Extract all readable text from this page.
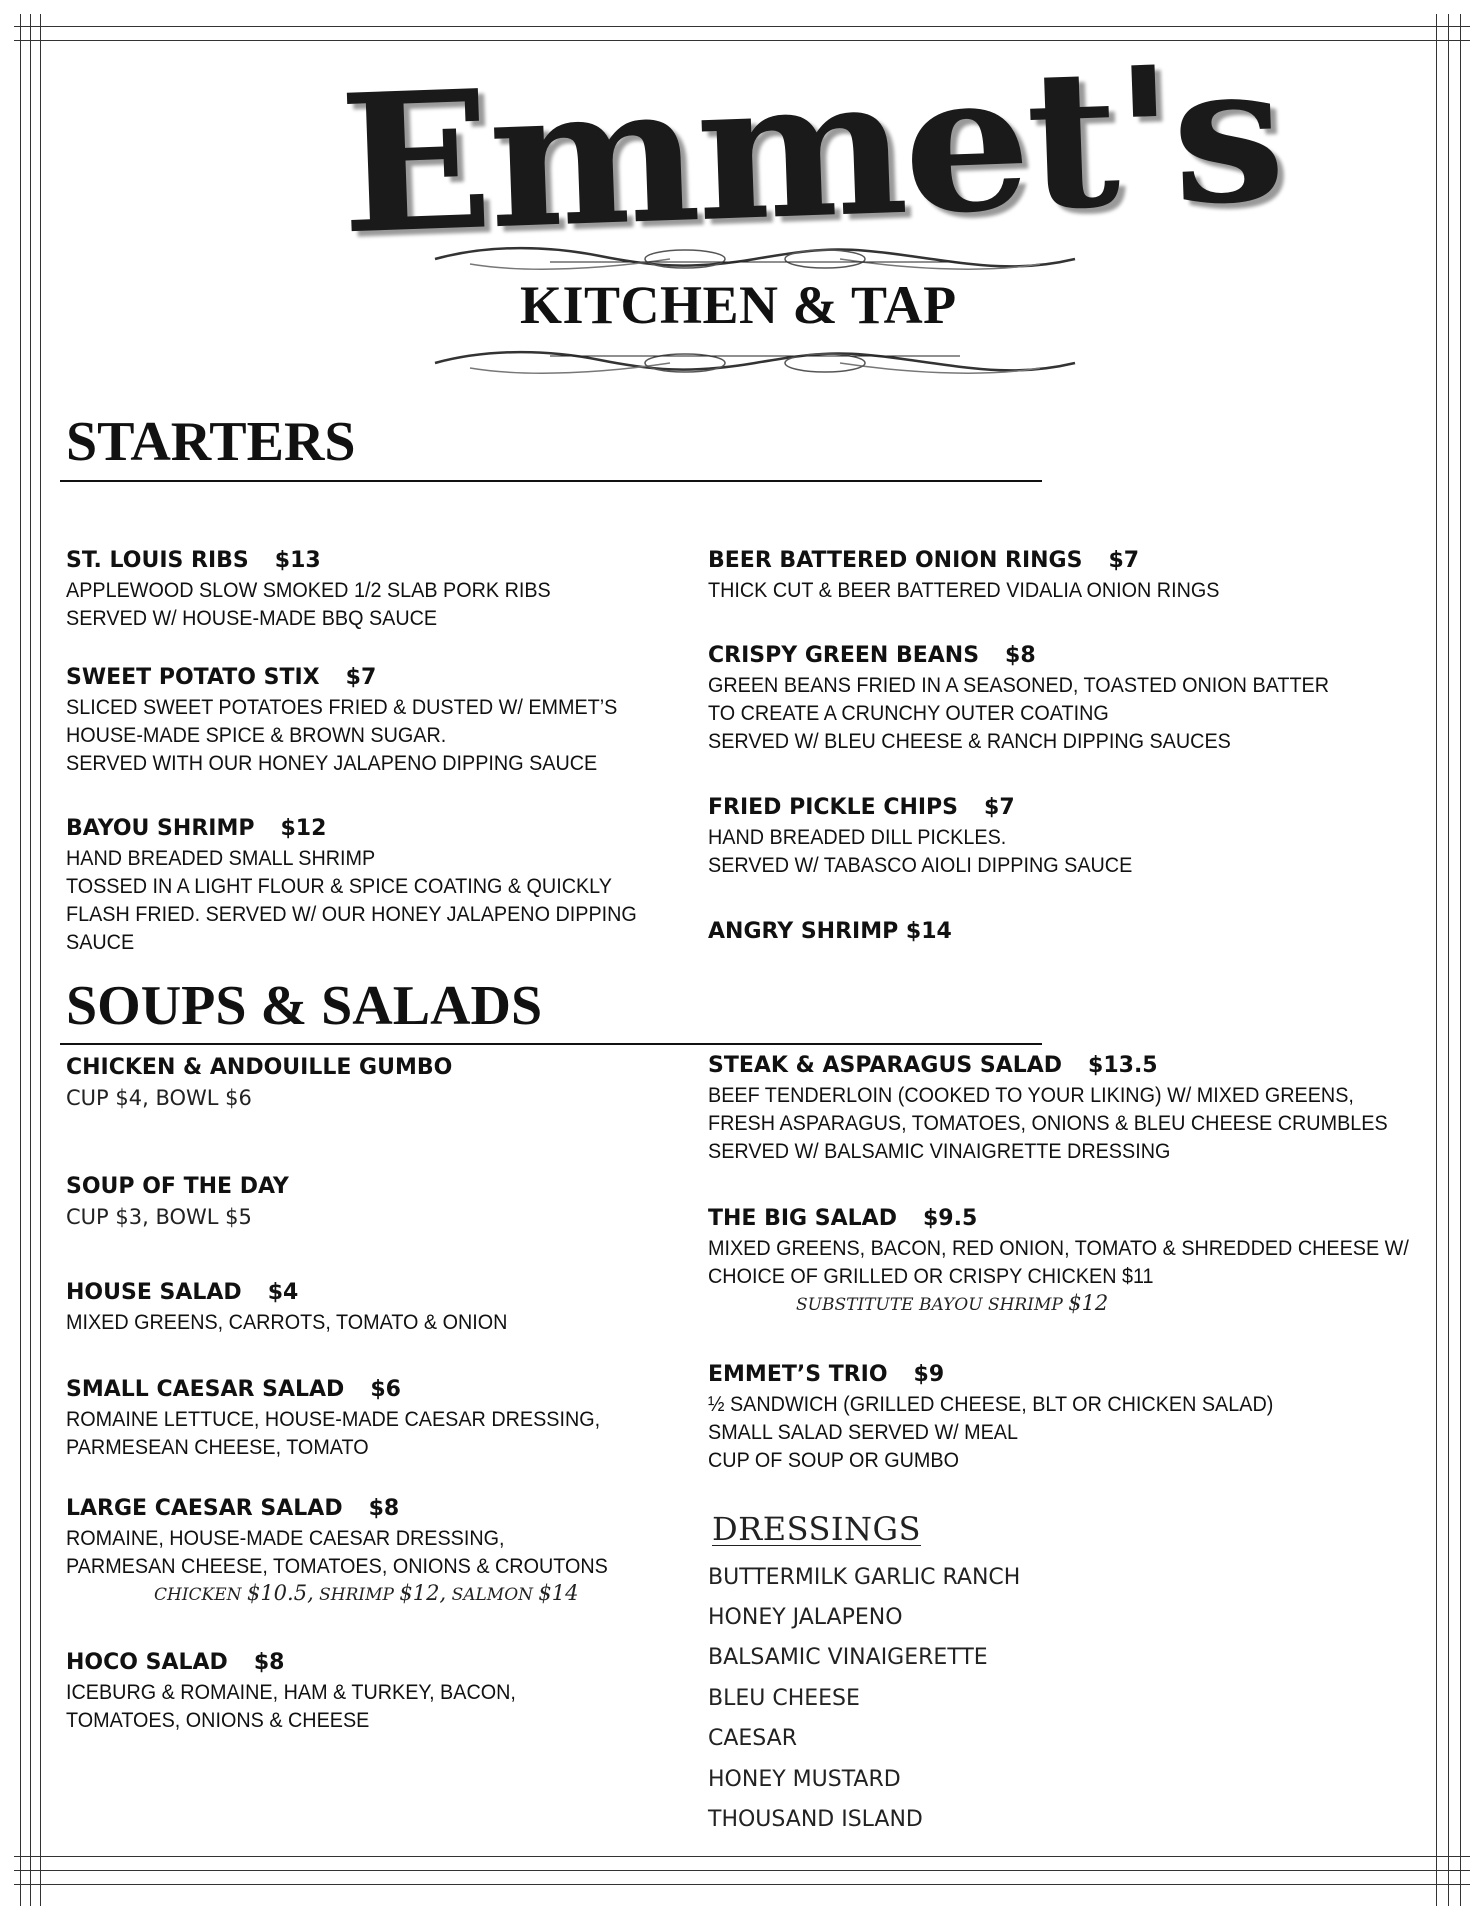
Emmet's
KITCHEN & TAP
STARTERS
ST. LOUIS RIBS $13
APPLEWOOD SLOW SMOKED 1/2 SLAB PORK RIBS
SERVED W/ HOUSE-MADE BBQ SAUCE
SWEET POTATO STIX $7
SLICED SWEET POTATOES FRIED & DUSTED W/ EMMET’S
HOUSE-MADE SPICE & BROWN SUGAR.
SERVED WITH OUR HONEY JALAPENO DIPPING SAUCE
BAYOU SHRIMP $12
HAND BREADED SMALL SHRIMP
TOSSED IN A LIGHT FLOUR & SPICE COATING & QUICKLY
FLASH FRIED. SERVED W/ OUR HONEY JALAPENO DIPPING
SAUCE
BEER BATTERED ONION RINGS $7
THICK CUT & BEER BATTERED VIDALIA ONION RINGS
CRISPY GREEN BEANS $8
GREEN BEANS FRIED IN A SEASONED, TOASTED ONION BATTER
TO CREATE A CRUNCHY OUTER COATING
SERVED W/ BLEU CHEESE & RANCH DIPPING SAUCES
FRIED PICKLE CHIPS $7
HAND BREADED DILL PICKLES.
SERVED W/ TABASCO AIOLI DIPPING SAUCE
ANGRY SHRIMP $14
SOUPS & SALADS
CHICKEN & ANDOUILLE GUMBO
CUP $4, BOWL $6
SOUP OF THE DAY
CUP $3, BOWL $5
HOUSE SALAD $4
MIXED GREENS, CARROTS, TOMATO & ONION
SMALL CAESAR SALAD $6
ROMAINE LETTUCE, HOUSE-MADE CAESAR DRESSING,
PARMESEAN CHEESE, TOMATO
LARGE CAESAR SALAD $8
ROMAINE, HOUSE-MADE CAESAR DRESSING,
PARMESAN CHEESE, TOMATOES, ONIONS & CROUTONS
CHICKEN $10.5, SHRIMP $12, SALMON $14
HOCO SALAD $8
ICEBURG & ROMAINE, HAM & TURKEY, BACON,
TOMATOES, ONIONS & CHEESE
STEAK & ASPARAGUS SALAD $13.5
BEEF TENDERLOIN (COOKED TO YOUR LIKING) W/ MIXED GREENS,
FRESH ASPARAGUS, TOMATOES, ONIONS & BLEU CHEESE CRUMBLES
SERVED W/ BALSAMIC VINAIGRETTE DRESSING
THE BIG SALAD $9.5
MIXED GREENS, BACON, RED ONION, TOMATO & SHREDDED CHEESE W/
CHOICE OF GRILLED OR CRISPY CHICKEN $11
SUBSTITUTE BAYOU SHRIMP $12
EMMET’S TRIO $9
½ SANDWICH (GRILLED CHEESE, BLT OR CHICKEN SALAD)
SMALL SALAD SERVED W/ MEAL
CUP OF SOUP OR GUMBO
DRESSINGS
BUTTERMILK GARLIC RANCH
HONEY JALAPENO
BALSAMIC VINAIGERETTE
BLEU CHEESE
CAESAR
HONEY MUSTARD
THOUSAND ISLAND
